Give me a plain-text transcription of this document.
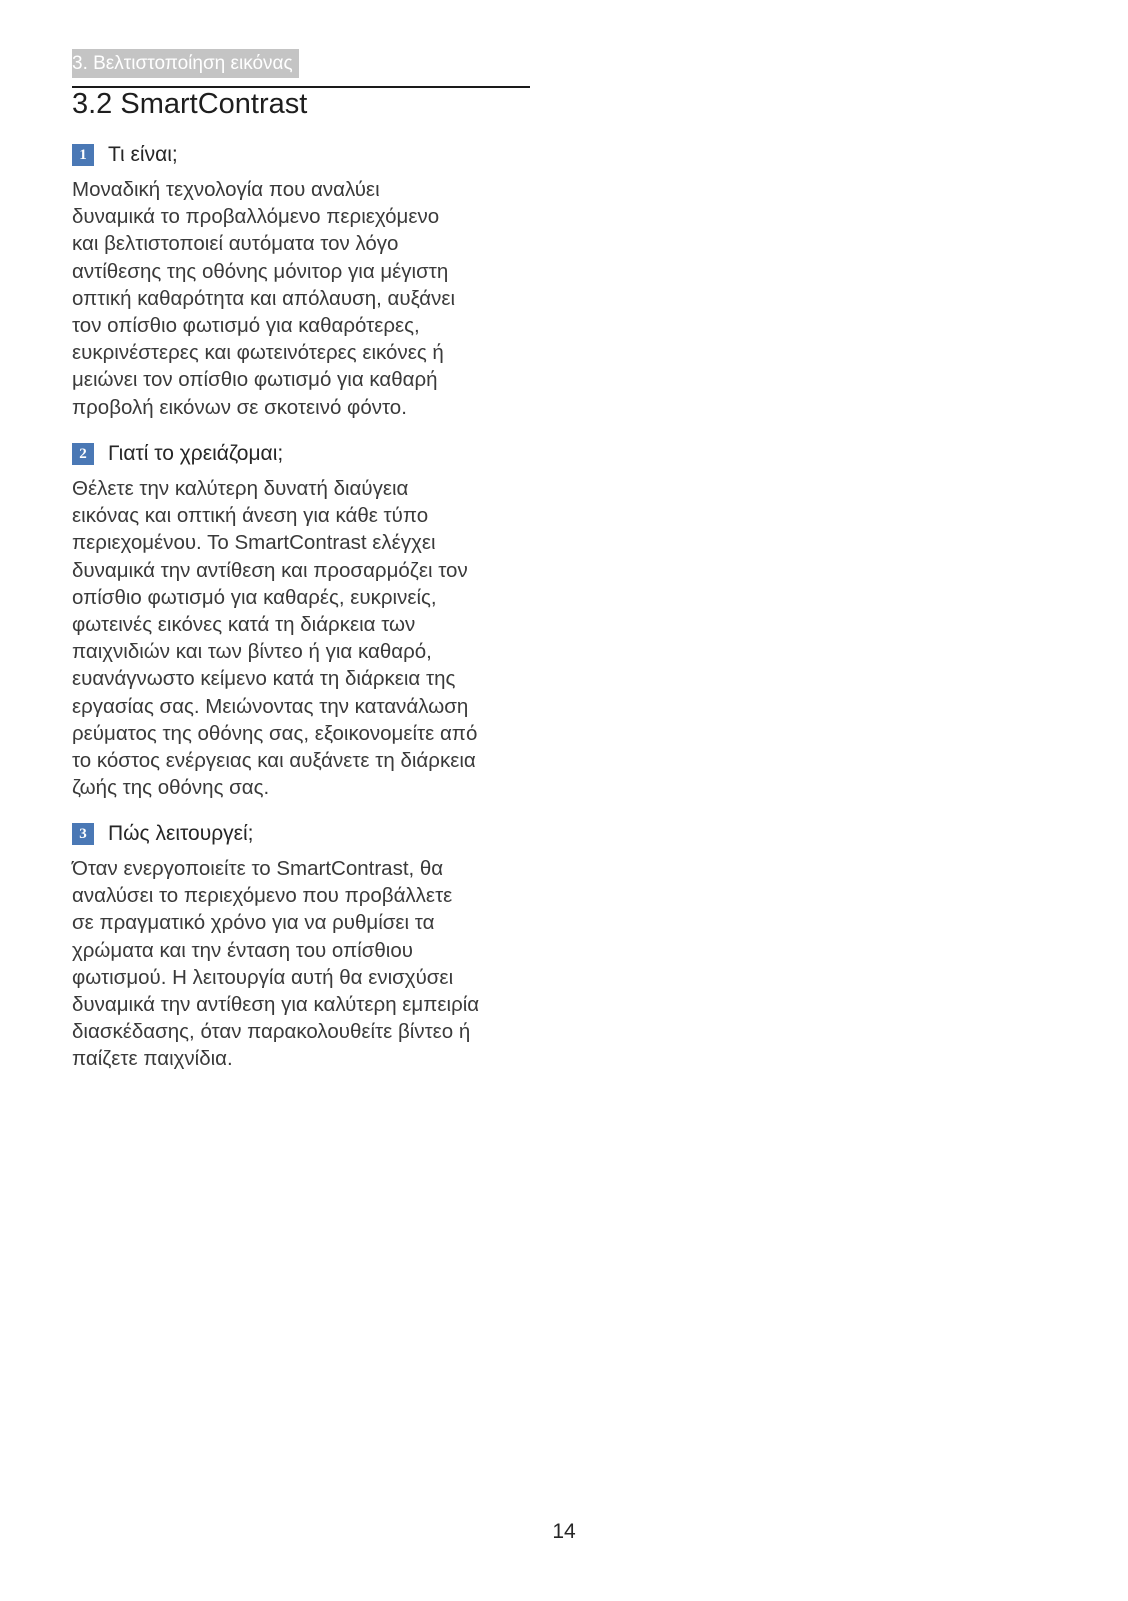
3. Βελτιστοποίηση εικόνας
3.2 SmartContrast
1	Τι είναι;

Μοναδική τεχνολογία που αναλύει
δυναμικά το προβαλλόμενο περιεχόμενο
και βελτιστοποιεί αυτόματα τον λόγο
αντίθεσης της οθόνης μόνιτορ για μέγιστη
οπτική καθαρότητα και απόλαυση, αυξάνει
τον οπίσθιο φωτισμό για καθαρότερες,
ευκρινέστερες και φωτεινότερες εικόνες ή
μειώνει τον οπίσθιο φωτισμό για καθαρή
προβολή εικόνων σε σκοτεινό φόντο.

2	Γιατί το χρειάζομαι;

Θέλετε την καλύτερη δυνατή διαύγεια
εικόνας και οπτική άνεση για κάθε τύπο
περιεχομένου. Το SmartContrast ελέγχει
δυναμικά την αντίθεση και προσαρμόζει τον
οπίσθιο φωτισμό για καθαρές, ευκρινείς,
φωτεινές εικόνες κατά τη διάρκεια των
παιχνιδιών και των βίντεο ή για καθαρό,
ευανάγνωστο κείμενο κατά τη διάρκεια της
εργασίας σας. Μειώνοντας την κατανάλωση
ρεύματος της οθόνης σας, εξοικονομείτε από
το κόστος ενέργειας και αυξάνετε τη διάρκεια
ζωής της οθόνης σας.

3	Πώς λειτουργεί;

Όταν ενεργοποιείτε το SmartContrast, θα
αναλύσει το περιεχόμενο που προβάλλετε
σε πραγματικό χρόνο για να ρυθμίσει τα
χρώματα και την ένταση του οπίσθιου
φωτισμού. Η λειτουργία αυτή θα ενισχύσει
δυναμικά την αντίθεση για καλύτερη εμπειρία
διασκέδασης, όταν παρακολουθείτε βίντεο ή
παίζετε παιχνίδια.

14
